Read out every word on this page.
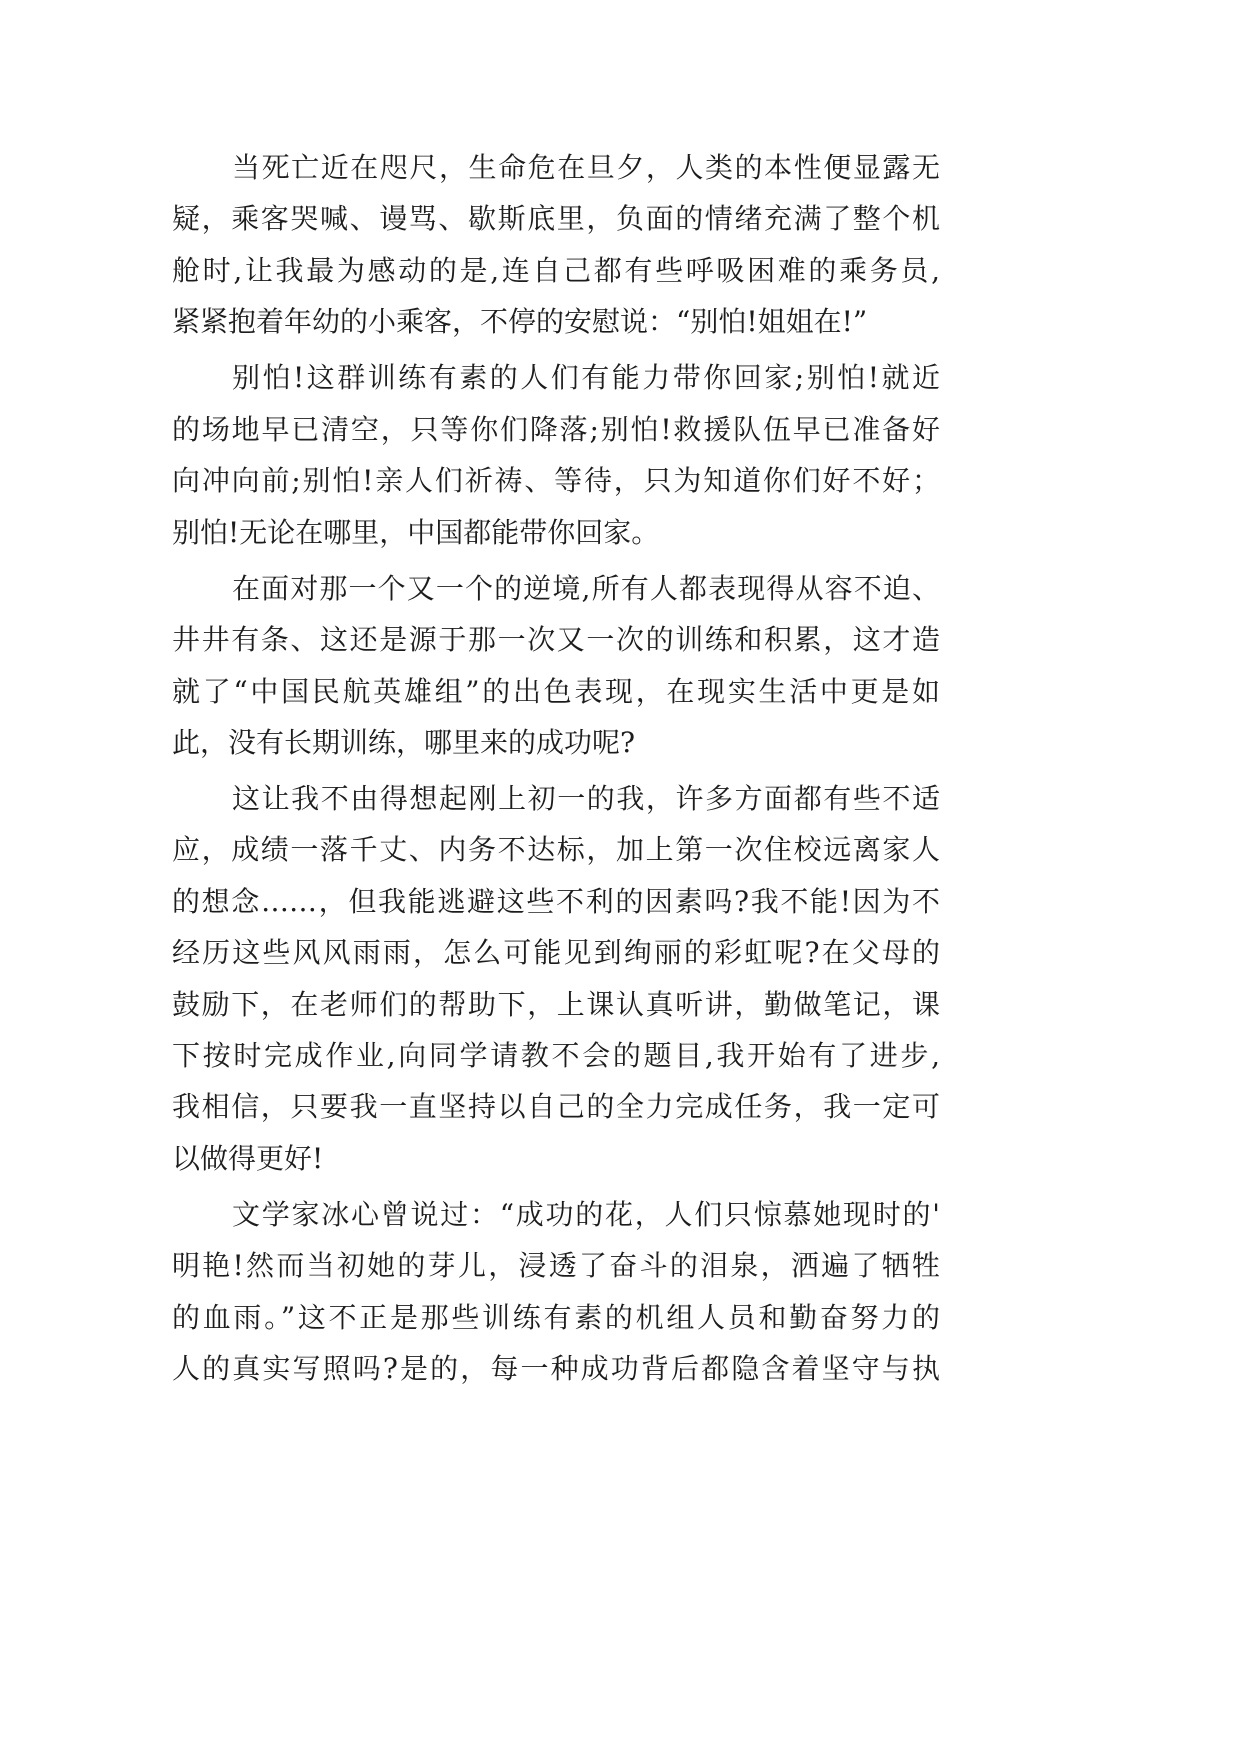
当死亡近在咫尺，生命危在旦夕，人类的本性便显露无
疑，乘客哭喊、谩骂、歇斯底里，负面的情绪充满了整个机
舱时,让我最为感动的是,连自己都有些呼吸困难的乘务员,
紧紧抱着年幼的小乘客，不停的安慰说：“别怕!姐姐在!”
别怕!这群训练有素的人们有能力带你回家;别怕!就近
的场地早已清空，只等你们降落;别怕!救援队伍早已准备好
向冲向前;别怕!亲人们祈祷、等待，只为知道你们好不好；
别怕!无论在哪里，中国都能带你回家。
在面对那一个又一个的逆境,所有人都表现得从容不迫、
井井有条、这还是源于那一次又一次的训练和积累，这才造
就了“中国民航英雄组”的出色表现，在现实生活中更是如
此，没有长期训练，哪里来的成功呢?
这让我不由得想起刚上初一的我，许多方面都有些不适
应，成绩一落千丈、内务不达标，加上第一次住校远离家人
的想念……，但我能逃避这些不利的因素吗?我不能!因为不
经历这些风风雨雨，怎么可能见到绚丽的彩虹呢?在父母的
鼓励下，在老师们的帮助下，上课认真听讲，勤做笔记，课
下按时完成作业,向同学请教不会的题目,我开始有了进步,
我相信，只要我一直坚持以自己的全力完成任务，我一定可
以做得更好!
文学家冰心曾说过：“成功的花，人们只惊慕她现时的'
明艳!然而当初她的芽儿，浸透了奋斗的泪泉，洒遍了牺牲
的血雨。”这不正是那些训练有素的机组人员和勤奋努力的
人的真实写照吗?是的，每一种成功背后都隐含着坚守与执
